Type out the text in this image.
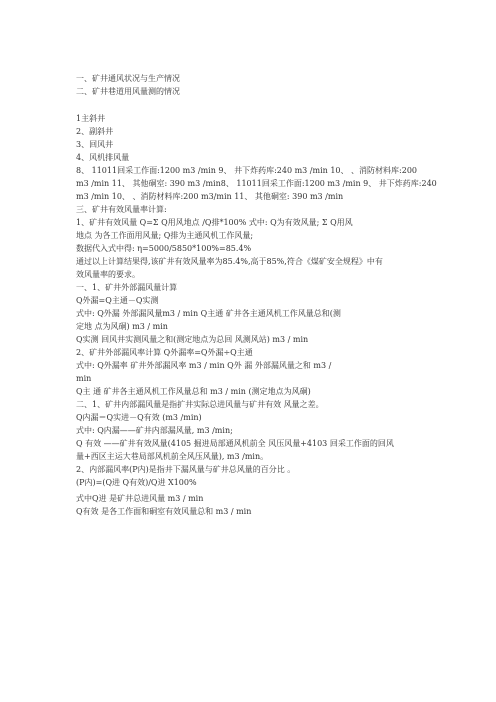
一、矿井通风状况与生产情况
二、矿井巷道用风量测的情况
1主斜井
2、副斜井
3、回风井
4、风机排风量
8、 11011回采工作面:1200 m3 /min 9、 井下炸药库:240 m3 /min 10、 、消防材料库:200
m3 /min 11、 其他硐室: 390 m3 /min8、 11011回采工作面:1200 m3 /min 9、 井下炸药库:240
m3 /min 10、 、消防材料库:200 m3/min 11、 其他硐室: 390 m3 /min
三、矿井有效风量率计算:
1、矿井有效风量 Q=Σ Q用风地点 /Q排*100% 式中: Q为有效风量; Σ Q用风
地点 为各工作面用风量; Q排为主通风机工作风量;
数据代入式中得: η=5000/5850*100%=85.4%
通过以上计算结果得,该矿井有效风量率为85.4%,高于85%,符合《煤矿安全规程》中有
效风量率的要求。
一、1、矿井外部漏风量计算
Q外漏=Q主通－Q实测
式中: Q外漏 外部漏风量m3 / min Q主通 矿井各主通风机工作风量总和(测
定地 点为风硐) m3 / min
Q实测 回风井实测风量之和(测定地点为总回 风测风站) m3 / min
2、矿井外部漏风率计算 Q外漏率=Q外漏÷Q主通
式中: Q外漏率 矿井外部漏风率 m3 / min Q外 漏 外部漏风量之和 m3 /
min
Q主 通 矿井各主通风机工作风量总和 m3 / min (测定地点为风硐)
二、1、矿井内部漏风量是指扩井实际总进风量与矿井有效 风量之差。
Q内漏＝Q实进－Q有效 (m3 /min)
式中: Q内漏——矿井内部漏风量, m3 /min;
Q 有效 ——矿井有效风量(4105 掘进局部通风机前全 风压风量+4103 回采工作面的回风
量+西区主运大巷局部风机前全风压风量), m3 /min。
2、内部漏风率(P内)是指井下漏风量与矿井总风量的百分比 。
(P内)=(Q进 Q有效)/Q进 X100%
式中Q进 是矿井总进风量 m3 / min
Q有效 是各工作面和硐室有效风量总和 m3 / min
